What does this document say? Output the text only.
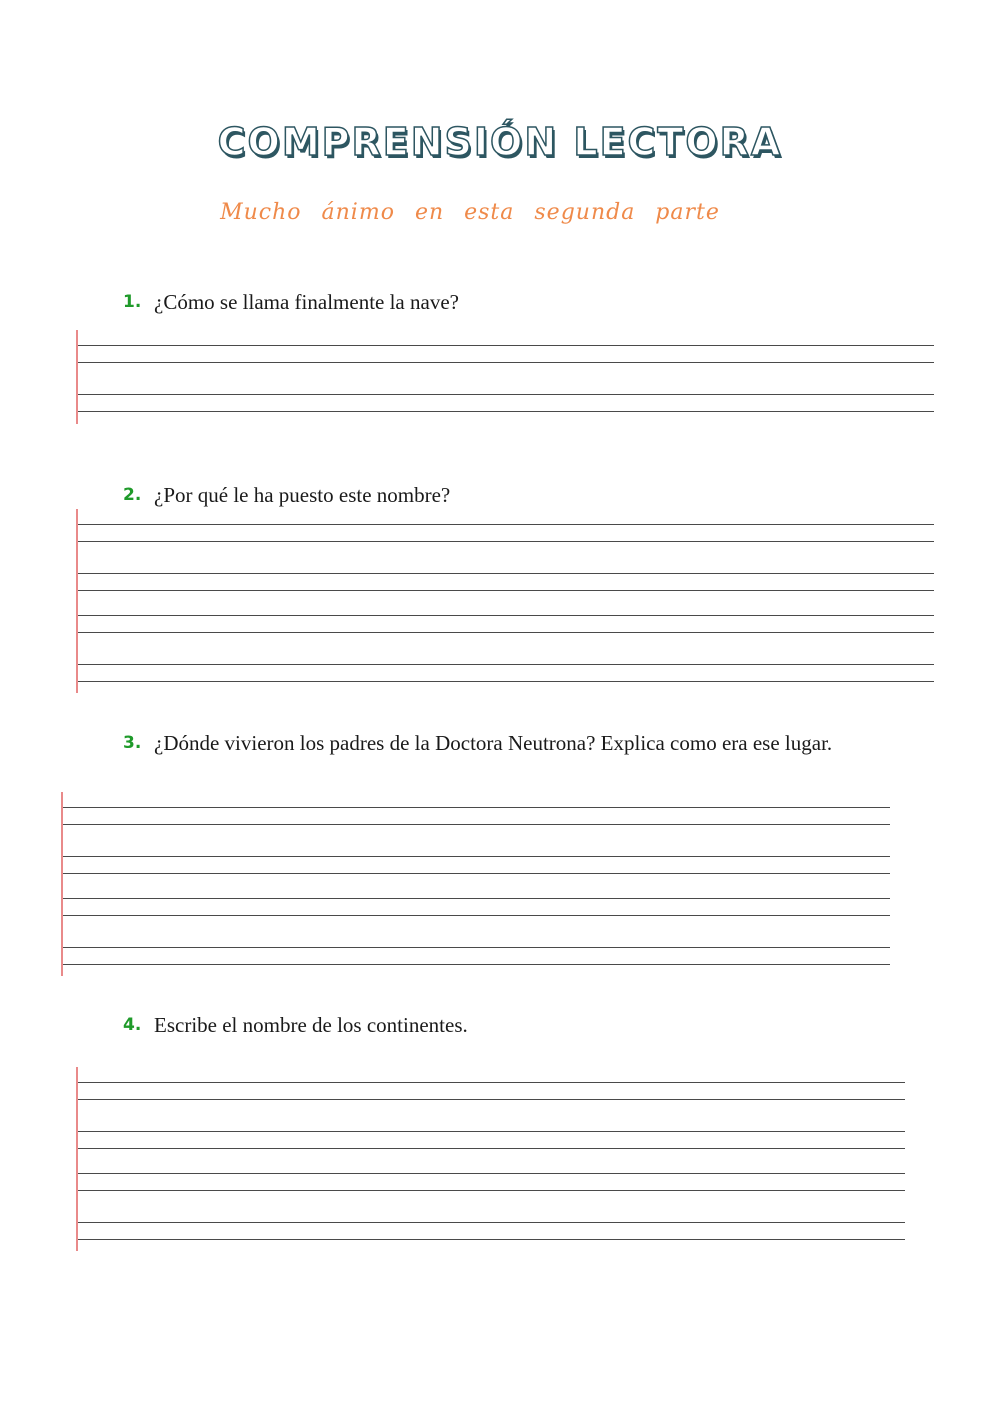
COMPRENSIÓN LECTORA
Mucho ánimo en esta segunda parte
1. ¿Cómo se llama finalmente la nave?
2. ¿Por qué le ha puesto este nombre?
3. ¿Dónde vivieron los padres de la Doctora Neutrona? Explica como era ese lugar.
4. Escribe el nombre de los continentes.
